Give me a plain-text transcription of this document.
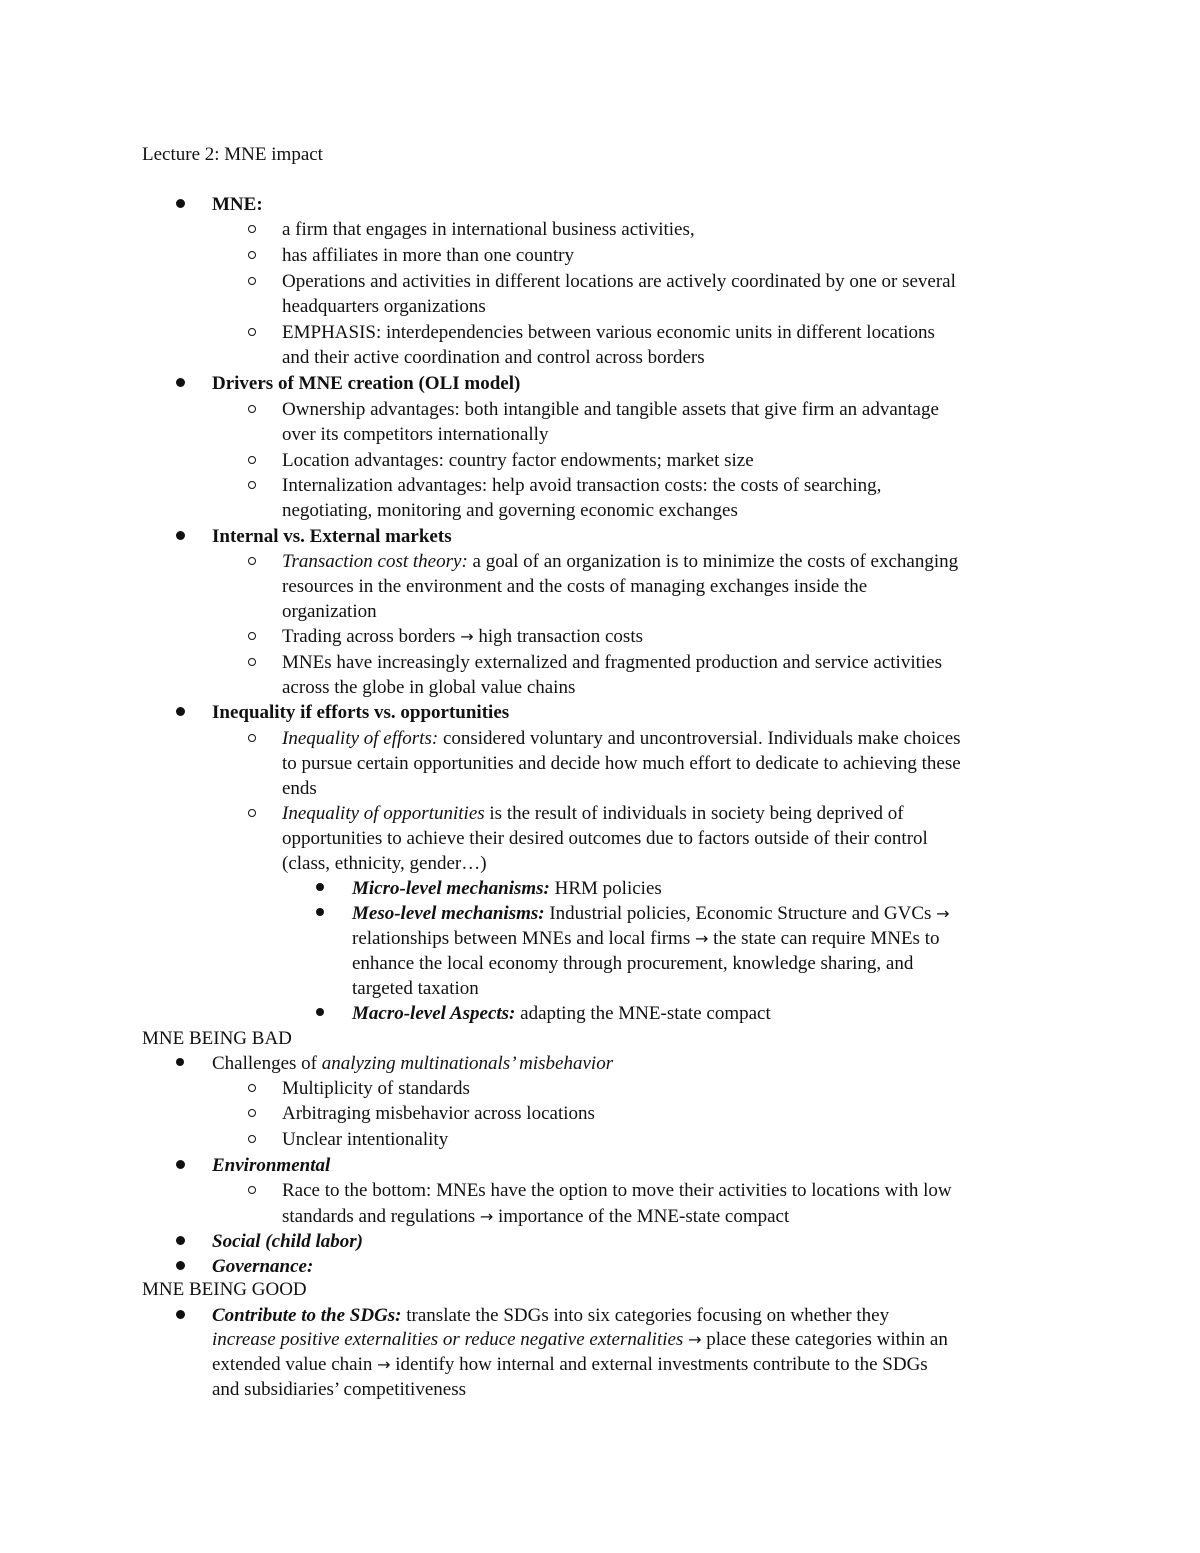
Lecture 2: MNE impact
MNE:
a firm that engages in international business activities,
has affiliates in more than one country
Operations and activities in different locations are actively coordinated by one or several
headquarters organizations
EMPHASIS: interdependencies between various economic units in different locations
and their active coordination and control across borders
Drivers of MNE creation (OLI model)
Ownership advantages: both intangible and tangible assets that give firm an advantage
over its competitors internationally
Location advantages: country factor endowments; market size
Internalization advantages: help avoid transaction costs: the costs of searching,
negotiating, monitoring and governing economic exchanges
Internal vs. External markets
Transaction cost theory: a goal of an organization is to minimize the costs of exchanging
resources in the environment and the costs of managing exchanges inside the
organization
Trading across borders → high transaction costs
MNEs have increasingly externalized and fragmented production and service activities
across the globe in global value chains
Inequality if efforts vs. opportunities
Inequality of efforts: considered voluntary and uncontroversial. Individuals make choices
to pursue certain opportunities and decide how much effort to dedicate to achieving these
ends
Inequality of opportunities is the result of individuals in society being deprived of
opportunities to achieve their desired outcomes due to factors outside of their control
(class, ethnicity, gender…)
Micro-level mechanisms: HRM policies
Meso-level mechanisms: Industrial policies, Economic Structure and GVCs →
relationships between MNEs and local firms → the state can require MNEs to
enhance the local economy through procurement, knowledge sharing, and
targeted taxation
Macro-level Aspects: adapting the MNE-state compact
MNE BEING BAD
Challenges of analyzing multinationals’ misbehavior
Multiplicity of standards
Arbitraging misbehavior across locations
Unclear intentionality
Environmental
Race to the bottom: MNEs have the option to move their activities to locations with low
standards and regulations → importance of the MNE-state compact
Social (child labor)
Governance:
MNE BEING GOOD
Contribute to the SDGs: translate the SDGs into six categories focusing on whether they
increase positive externalities or reduce negative externalities → place these categories within an
extended value chain → identify how internal and external investments contribute to the SDGs
and subsidiaries’ competitiveness
